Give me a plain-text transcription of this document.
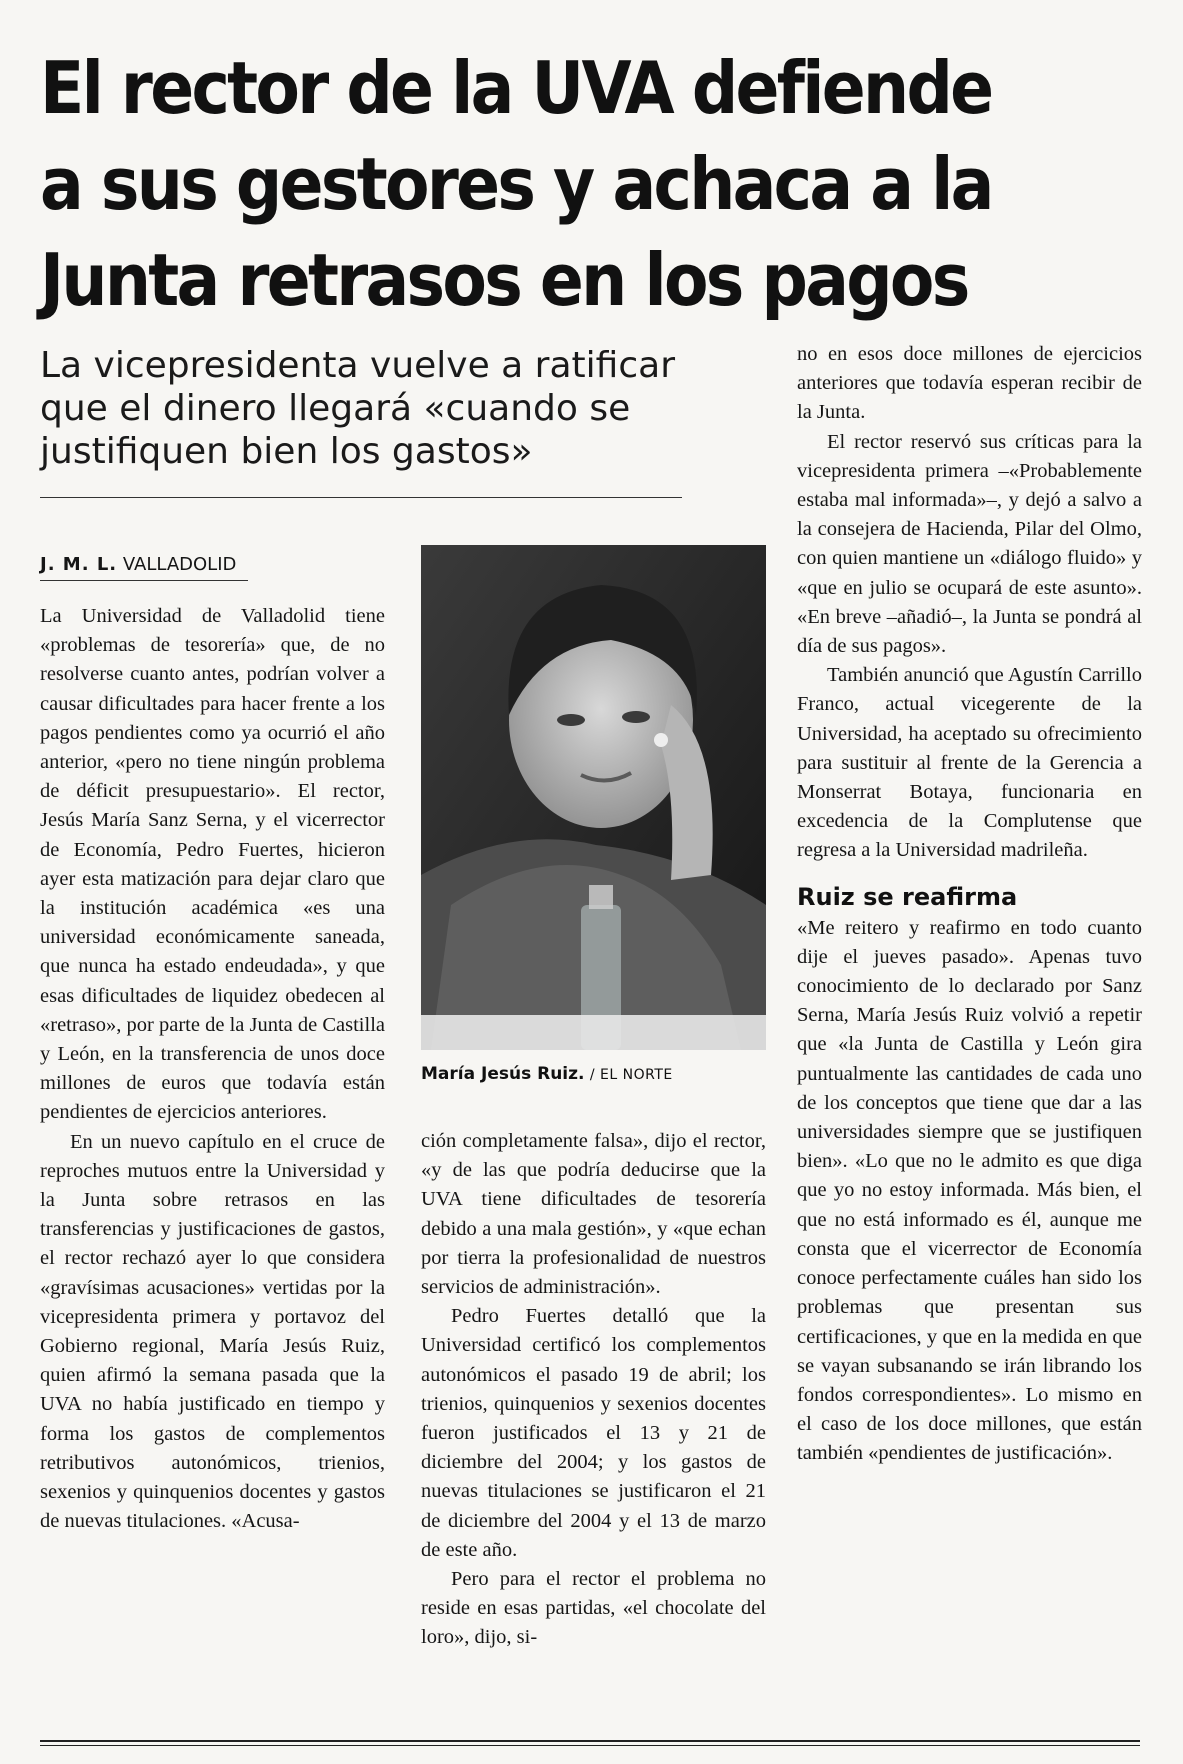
El rector de la UVA defiende
a sus gestores y achaca a la
Junta retrasos en los pagos
La vicepresidenta vuelve a ratificar
que el dinero llegará «cuando se
justifiquen bien los gastos»
J. M. L. VALLADOLID

La Universidad de Valladolid tiene «problemas de tesorería» que, de no resolverse cuanto antes, podrían volver a causar dificultades para hacer frente a los pagos pendientes como ya ocurrió el año anterior, «pero no tiene ningún problema de déficit presupuestario». El rector, Jesús María Sanz Serna, y el vicerrector de Economía, Pedro Fuertes, hicieron ayer esta matización para dejar claro que la institución académica «es una universidad económicamente saneada, que nunca ha estado endeudada», y que esas dificultades de liquidez obedecen al «retraso», por parte de la Junta de Castilla y León, en la transferencia de unos doce millones de euros que todavía están pendientes de ejercicios anteriores.

En un nuevo capítulo en el cruce de reproches mutuos entre la Universidad y la Junta sobre retrasos en las transferencias y justificaciones de gastos, el rector rechazó ayer lo que considera «gravísimas acusaciones» vertidas por la vicepresidenta primera y portavoz del Gobierno regional, María Jesús Ruiz, quien afirmó la semana pasada que la UVA no había justificado en tiempo y forma los gastos de complementos retributivos autonómicos, trienios, sexenios y quinquenios docentes y gastos de nuevas titulaciones. «Acusa-

María Jesús Ruiz. / EL NORTE

ción completamente falsa», dijo el rector, «y de las que podría deducirse que la UVA tiene dificultades de tesorería debido a una mala gestión», y «que echan por tierra la profesionalidad de nuestros servicios de administración».

Pedro Fuertes detalló que la Universidad certificó los complementos autonómicos el pasado 19 de abril; los trienios, quinquenios y sexenios docentes fueron justificados el 13 y 21 de diciembre del 2004; y los gastos de nuevas titulaciones se justificaron el 21 de diciembre del 2004 y el 13 de marzo de este año.

Pero para el rector el problema no reside en esas partidas, «el chocolate del loro», dijo, si-

no en esos doce millones de ejercicios anteriores que todavía esperan recibir de la Junta.

El rector reservó sus críticas para la vicepresidenta primera –«Probablemente estaba mal informada»–, y dejó a salvo a la consejera de Hacienda, Pilar del Olmo, con quien mantiene un «diálogo fluido» y «que en julio se ocupará de este asunto». «En breve –añadió–, la Junta se pondrá al día de sus pagos».

También anunció que Agustín Carrillo Franco, actual vicegerente de la Universidad, ha aceptado su ofrecimiento para sustituir al frente de la Gerencia a Monserrat Botaya, funcionaria en excedencia de la Complutense que regresa a la Universidad madrileña.

Ruiz se reafirma

«Me reitero y reafirmo en todo cuanto dije el jueves pasado». Apenas tuvo conocimiento de lo declarado por Sanz Serna, María Jesús Ruiz volvió a repetir que «la Junta de Castilla y León gira puntualmente las cantidades de cada uno de los conceptos que tiene que dar a las universidades siempre que se justifiquen bien». «Lo que no le admito es que diga que yo no estoy informada. Más bien, el que no está informado es él, aunque me consta que el vicerrector de Economía conoce perfectamente cuáles han sido los problemas que presentan sus certificaciones, y que en la medida en que se vayan subsanando se irán librando los fondos correspondientes». Lo mismo en el caso de los doce millones, que están también «pendientes de justificación».
